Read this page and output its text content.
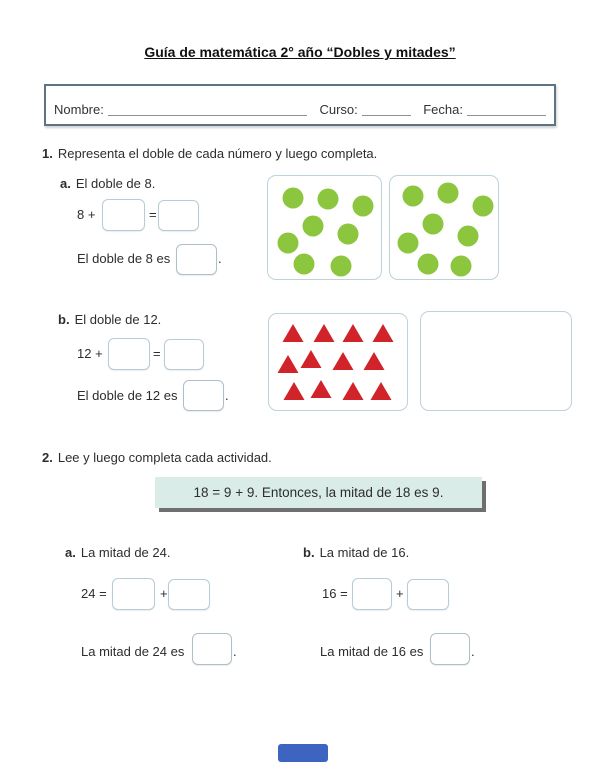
Guía de matemática 2° año “Dobles y mitades”
Nombre:	Curso:	Fecha:
1. Representa el doble de cada número y luego completa.
a. El doble de 8.
8 +	=
El doble de 8 es	.
b. El doble de 12.
12 +	=
El doble de 12 es	.
2. Lee y luego completa cada actividad.
18 = 9 + 9. Entonces, la mitad de 18 es 9.
a. La mitad de 24.
24 =	+
La mitad de 24 es	.
b. La mitad de 16.
16 =	+
La mitad de 16 es	.
